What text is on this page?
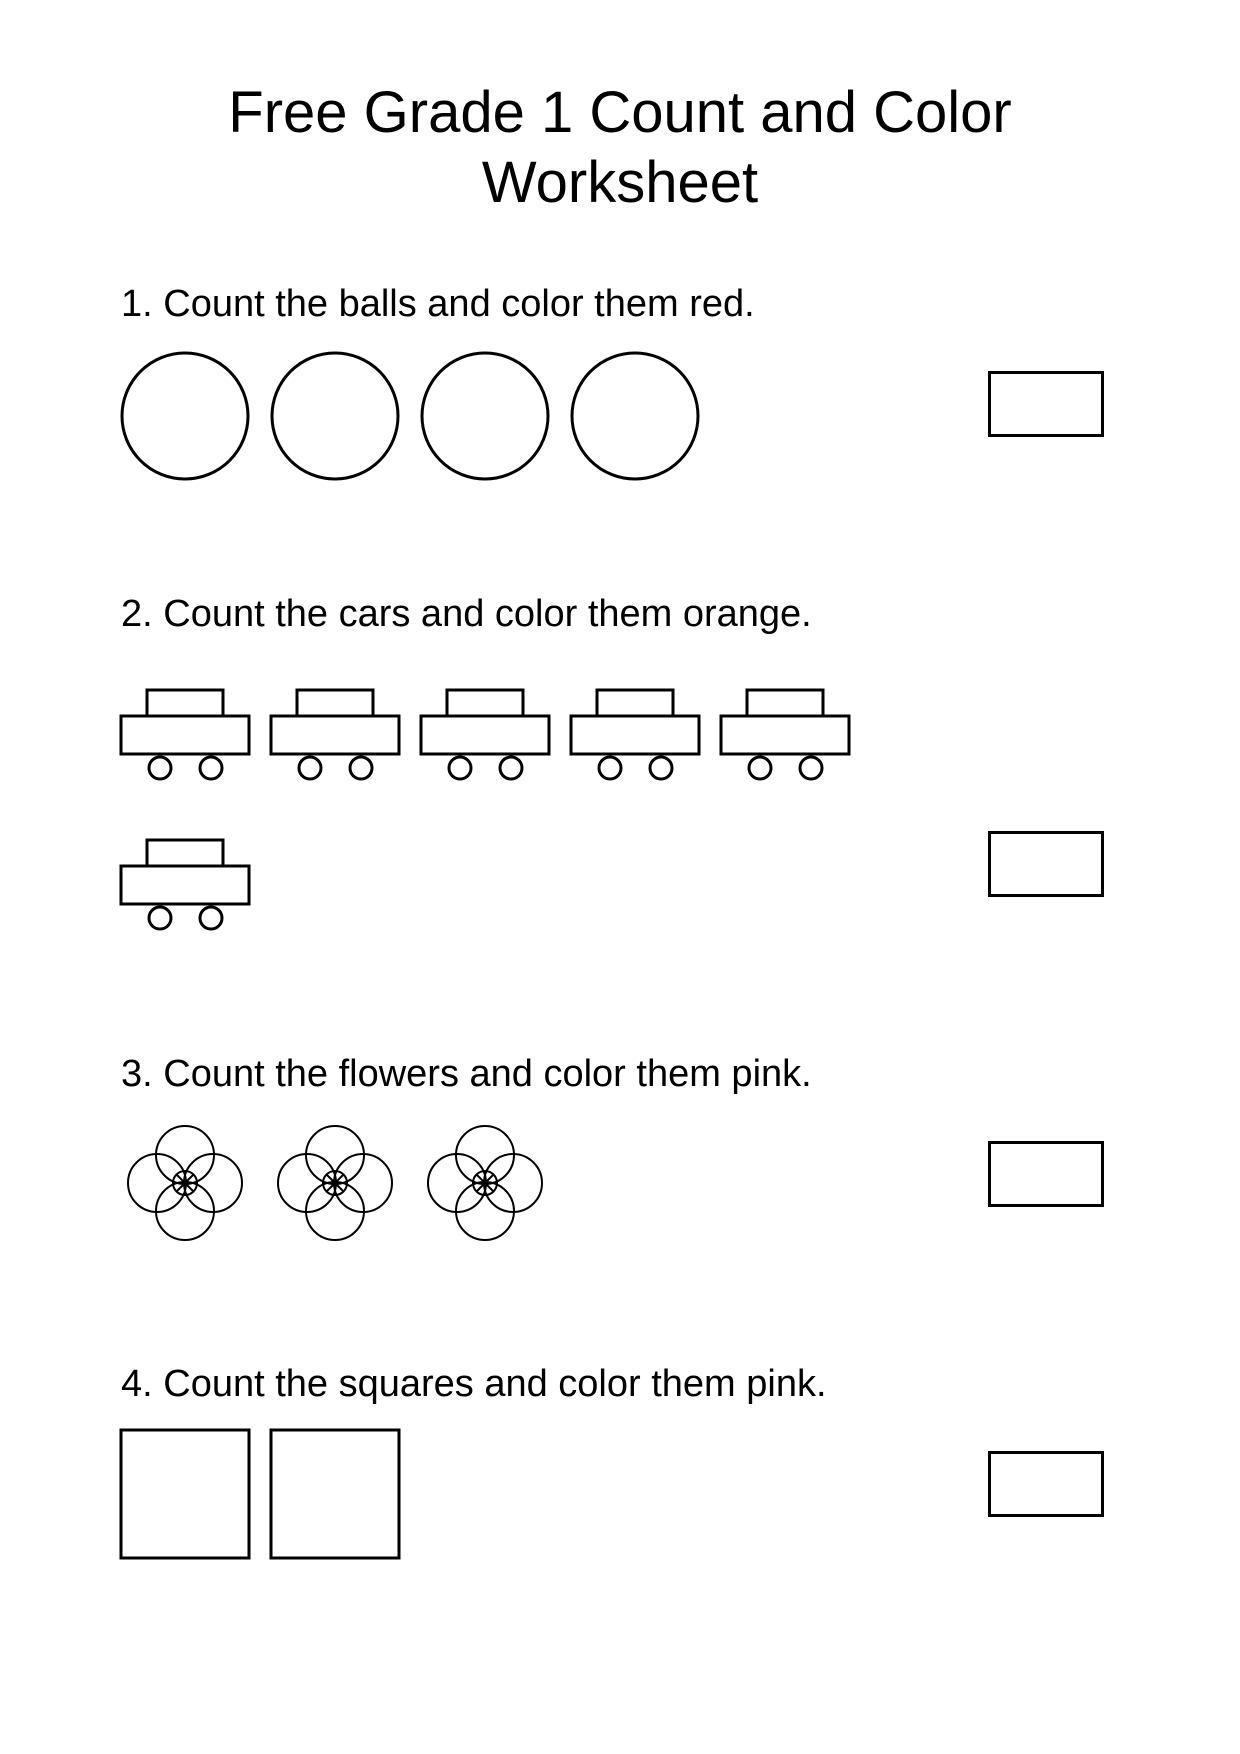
Free Grade 1 Count and Color
Worksheet

1. Count the balls and color them red.

2. Count the cars and color them orange.

3. Count the flowers and color them pink.

4. Count the squares and color them pink.
